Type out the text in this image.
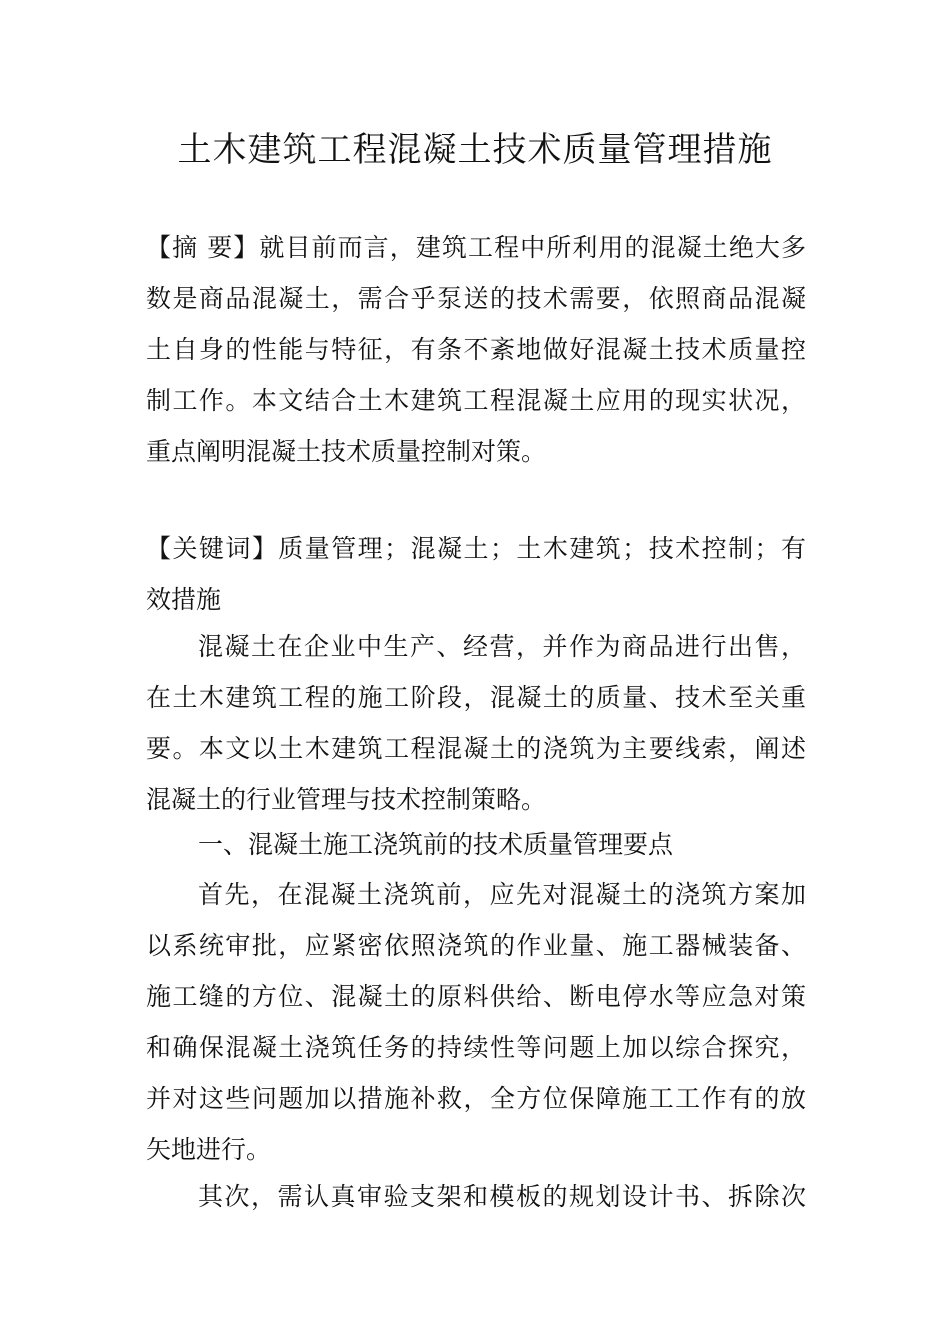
土木建筑工程混凝土技术质量管理措施
【摘 要】就目前而言，建筑工程中所利用的混凝土绝大多
数是商品混凝土，需合乎泵送的技术需要，依照商品混凝
土自身的性能与特征，有条不紊地做好混凝土技术质量控
制工作。本文结合土木建筑工程混凝土应用的现实状况，
重点阐明混凝土技术质量控制对策。
【关键词】质量管理；混凝土；土木建筑；技术控制；有
效措施
混凝土在企业中生产、经营，并作为商品进行出售，
在土木建筑工程的施工阶段，混凝土的质量、技术至关重
要。本文以土木建筑工程混凝土的浇筑为主要线索，阐述
混凝土的行业管理与技术控制策略。
一、混凝土施工浇筑前的技术质量管理要点
首先，在混凝土浇筑前，应先对混凝土的浇筑方案加
以系统审批，应紧密依照浇筑的作业量、施工器械装备、
施工缝的方位、混凝土的原料供给、断电停水等应急对策
和确保混凝土浇筑任务的持续性等问题上加以综合探究，
并对这些问题加以措施补救，全方位保障施工工作有的放
矢地进行。
其次，需认真审验支架和模板的规划设计书、拆除次
